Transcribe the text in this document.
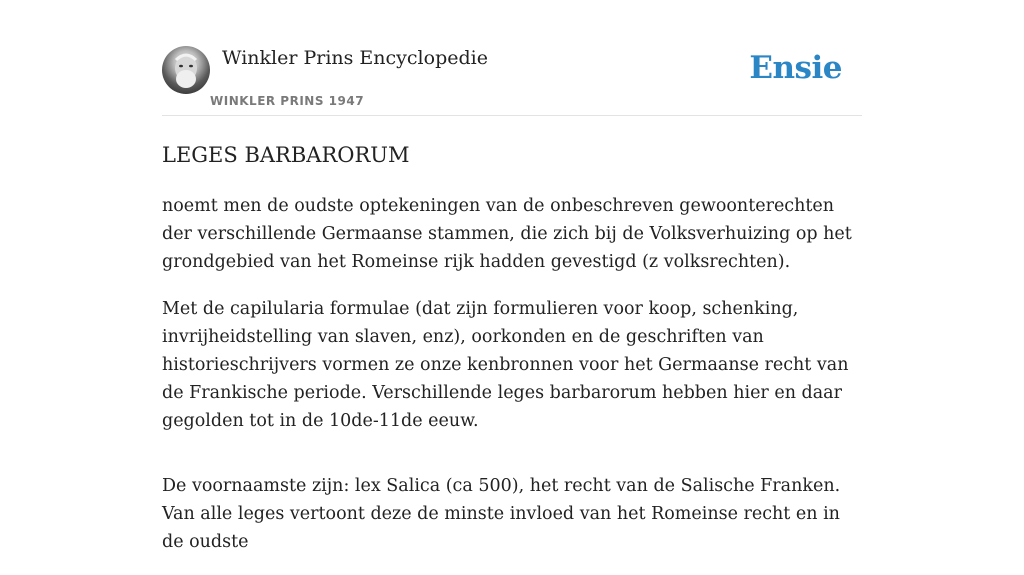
Winkler Prins Encyclopedie
WINKLER PRINS 1947
Ensie
LEGES BARBARORUM

noemt men de oudste optekeningen van de onbeschreven gewoonterechten der verschillende Germaanse stammen, die zich bij de Volksverhuizing op het grondgebied van het Romeinse rijk hadden gevestigd (z volksrechten).

Met de capilularia formulae (dat zijn formulieren voor koop, schenking, invrijheidstelling van slaven, enz), oorkonden en de geschriften van historieschrijvers vormen ze onze kenbronnen voor het Germaanse recht van de Frankische periode. Verschillende leges barbarorum hebben hier en daar gegolden tot in de 10de-11de eeuw.

De voornaamste zijn: lex Salica (ca 500), het recht van de Salische Franken. Van alle leges vertoont deze de minste invloed van het Romeinse recht en in de oudste
